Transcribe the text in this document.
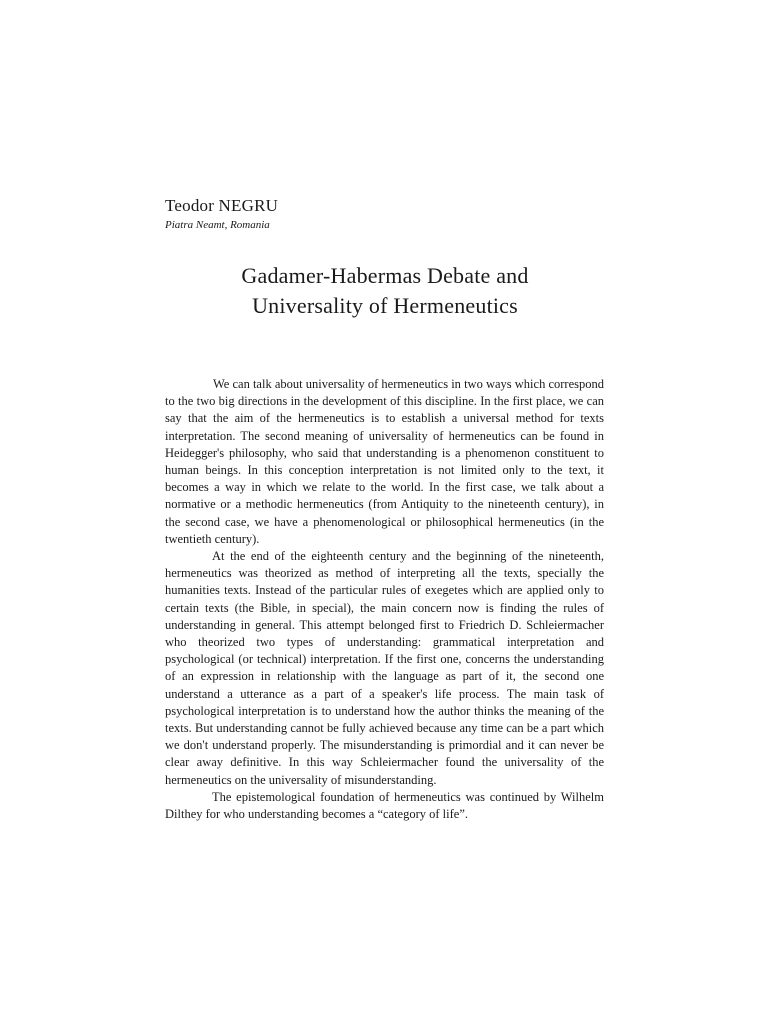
Teodor NEGRU
Piatra Neamt, Romania
Gadamer-Habermas Debate and
Universality of Hermeneutics

We can talk about universality of hermeneutics in two ways which correspond to the two big directions in the development of this discipline. In the first place, we can say that the aim of the hermeneutics is to establish a universal method for texts interpretation. The second meaning of universality of hermeneutics can be found in Heidegger's philosophy, who said that understanding is a phenomenon constituent to human beings. In this conception interpretation is not limited only to the text, it becomes a way in which we relate to the world. In the first case, we talk about a normative or a methodic hermeneutics (from Antiquity to the nineteenth century), in the second case, we have a phenomenological or philosophical hermeneutics (in the twentieth century).

At the end of the eighteenth century and the beginning of the nineteenth, hermeneutics was theorized as method of interpreting all the texts, specially the humanities texts. Instead of the particular rules of exegetes which are applied only to certain texts (the Bible, in special), the main concern now is finding the rules of understanding in general. This attempt belonged first to Friedrich D. Schleiermacher who theorized two types of understanding: grammatical interpretation and psychological (or technical) interpretation. If the first one, concerns the understanding of an expression in relationship with the language as part of it, the second one understand a utterance as a part of a speaker's life process. The main task of psychological interpretation is to understand how the author thinks the meaning of the texts. But understanding cannot be fully achieved because any time can be a part which we don't understand properly. The misunderstanding is primordial and it can never be clear away definitive. In this way Schleiermacher found the universality of the hermeneutics on the universality of misunderstanding.

The epistemological foundation of hermeneutics was continued by Wilhelm Dilthey for who understanding becomes a “category of life”.
